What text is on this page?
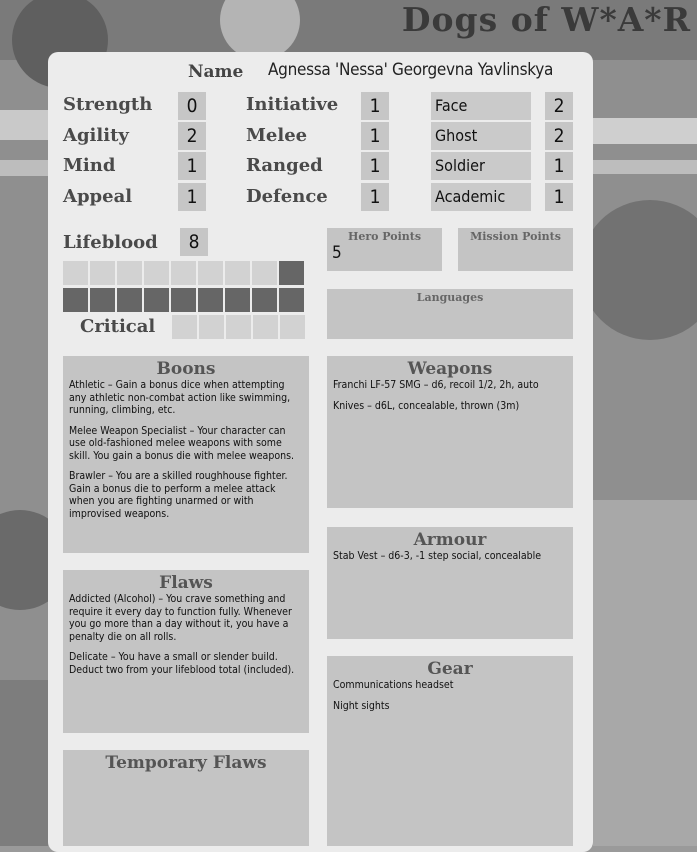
Dogs of W*A*R
Name Agnessa 'Nessa' Georgevna Yavlinskya
Strength	0
Agility	2
Mind	1
Appeal	1
Initiative	1
Melee	1
Ranged	1
Defence	1
Face	2
Ghost	2
Soldier	1
Academic	1
Lifeblood	8
Critical
Hero Points
5
Mission Points
Languages
Boons

Athletic – Gain a bonus dice when attempting any athletic non-combat action like swimming, running, climbing, etc.

Melee Weapon Specialist – Your character can use old-fashioned melee weapons with some skill. You gain a bonus die with melee weapons.

Brawler – You are a skilled roughhouse fighter. Gain a bonus die to perform a melee attack when you are fighting unarmed or with improvised weapons.

Weapons

Franchi LF-57 SMG – d6, recoil 1/2, 2h, auto

Knives – d6L, concealable, thrown (3m)

Flaws

Addicted (Alcohol) – You crave something and require it every day to function fully. Whenever you go more than a day without it, you have a penalty die on all rolls.

Delicate – You have a small or slender build. Deduct two from your lifeblood total (included).

Armour

Stab Vest – d6-3, -1 step social, concealable

Gear

Communications headset

Night sights

Temporary Flaws
